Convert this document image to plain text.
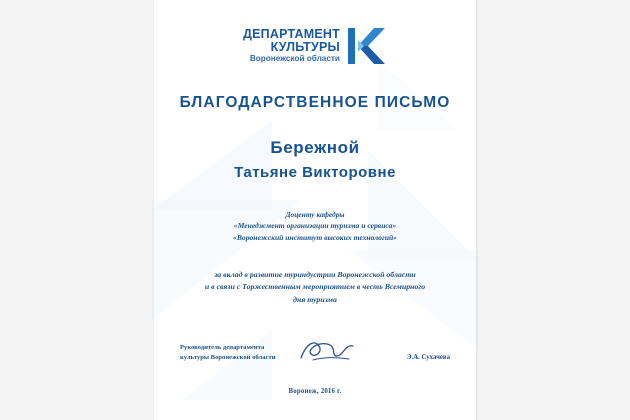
ДЕПАРТАМЕНТ
КУЛЬТУРЫ
Воронежской области
БЛАГОДАРСТВЕННОЕ ПИСЬМО
Бережной
Татьяне Викторовне
Доценту кафедры
«Менеджмент организации туризма и сервиса»
«Воронежский институт высоких технологий»
за вклад в развитие туриндустрии Воронежской области
и в связи с Торжественным мероприятием в честь Всемирного
дня туризма
Руководитель департамента
культуры Воронежской области	Э.А. Сухачева
Воронеж, 2016 г.
